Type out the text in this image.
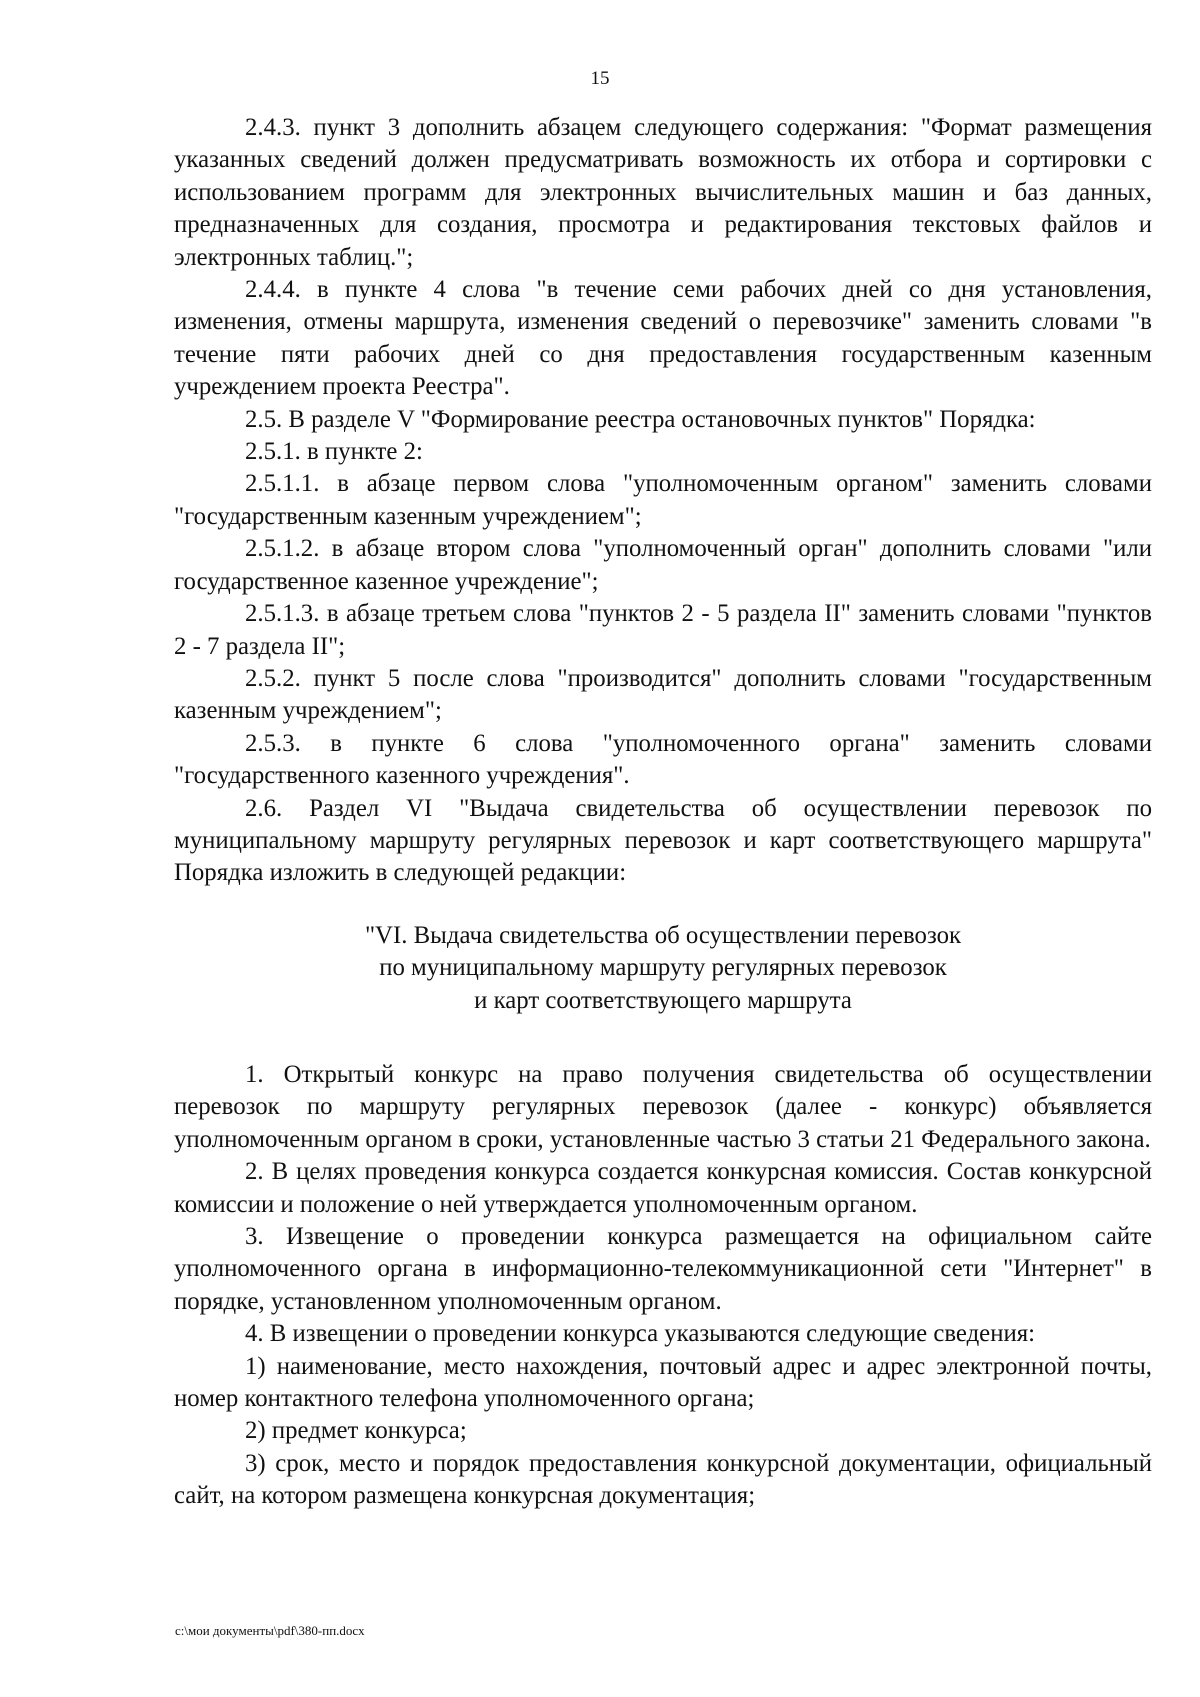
15

2.4.3. пункт 3 дополнить абзацем следующего содержания: "Формат размещения указанных сведений должен предусматривать возможность их отбора и сортировки с использованием программ для электронных вычислительных машин и баз данных, предназначенных для создания, просмотра и редактирования текстовых файлов и электронных таблиц.";

2.4.4. в пункте 4 слова "в течение семи рабочих дней со дня установления, изменения, отмены маршрута, изменения сведений о перевозчике" заменить словами "в течение пяти рабочих дней со дня предоставления государственным казенным учреждением проекта Реестра".

2.5. В разделе V "Формирование реестра остановочных пунктов" Порядка:

2.5.1. в пункте 2:

2.5.1.1. в абзаце первом слова "уполномоченным органом" заменить словами "государственным казенным учреждением";

2.5.1.2. в абзаце втором слова "уполномоченный орган" дополнить словами "или государственное казенное учреждение";

2.5.1.3. в абзаце третьем слова "пунктов 2 - 5 раздела II" заменить словами "пунктов 2 - 7 раздела II";

2.5.2. пункт 5 после слова "производится" дополнить словами "государственным казенным учреждением";

2.5.3. в пункте 6 слова "уполномоченного органа" заменить словами "государственного казенного учреждения".

2.6. Раздел VI "Выдача свидетельства об осуществлении перевозок по муниципальному маршруту регулярных перевозок и карт соответствующего маршрута" Порядка изложить в следующей редакции:

"VI. Выдача свидетельства об осуществлении перевозок
по муниципальному маршруту регулярных перевозок
и карт соответствующего маршрута

1. Открытый конкурс на право получения свидетельства об осуществлении перевозок по маршруту регулярных перевозок (далее - конкурс) объявляется уполномоченным органом в сроки, установленные частью 3 статьи 21 Федерального закона.

2. В целях проведения конкурса создается конкурсная комиссия. Состав конкурсной комиссии и положение о ней утверждается уполномоченным органом.

3. Извещение о проведении конкурса размещается на официальном сайте уполномоченного органа в информационно-телекоммуникационной сети "Интернет" в порядке, установленном уполномоченным органом.

4. В извещении о проведении конкурса указываются следующие сведения:

1) наименование, место нахождения, почтовый адрес и адрес электронной почты, номер контактного телефона уполномоченного органа;

2) предмет конкурса;

3) срок, место и порядок предоставления конкурсной документации, официальный сайт, на котором размещена конкурсная документация;

c:\мои документы\pdf\380-пп.docx
